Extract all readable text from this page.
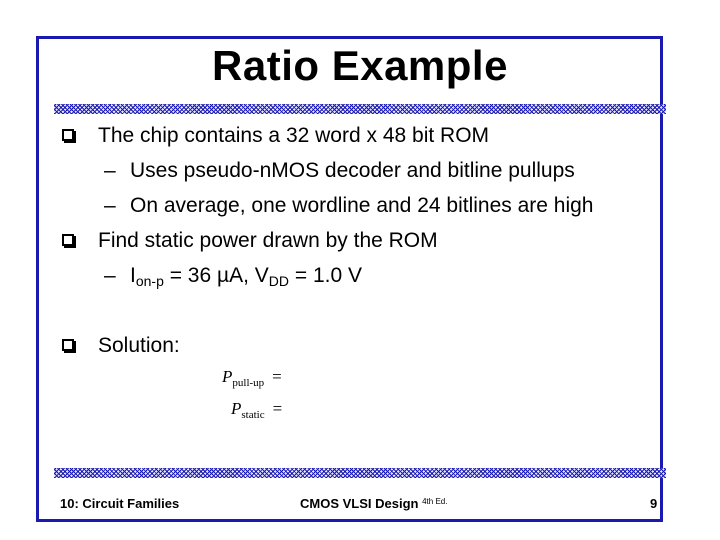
Ratio Example
The chip contains a 32 word x 48 bit ROM
– Uses pseudo-nMOS decoder and bitline pullups
– On average, one wordline and 24 bitlines are high
Find static power drawn by the ROM
– $I_{on-p} = 36$ µA, $V_{DD} = 1.0$ V
Solution:
$P_{pull-up}$ =
$P_{static}$ =
10: Circuit Families	CMOS VLSI Design $^{4th Ed.}$	9
